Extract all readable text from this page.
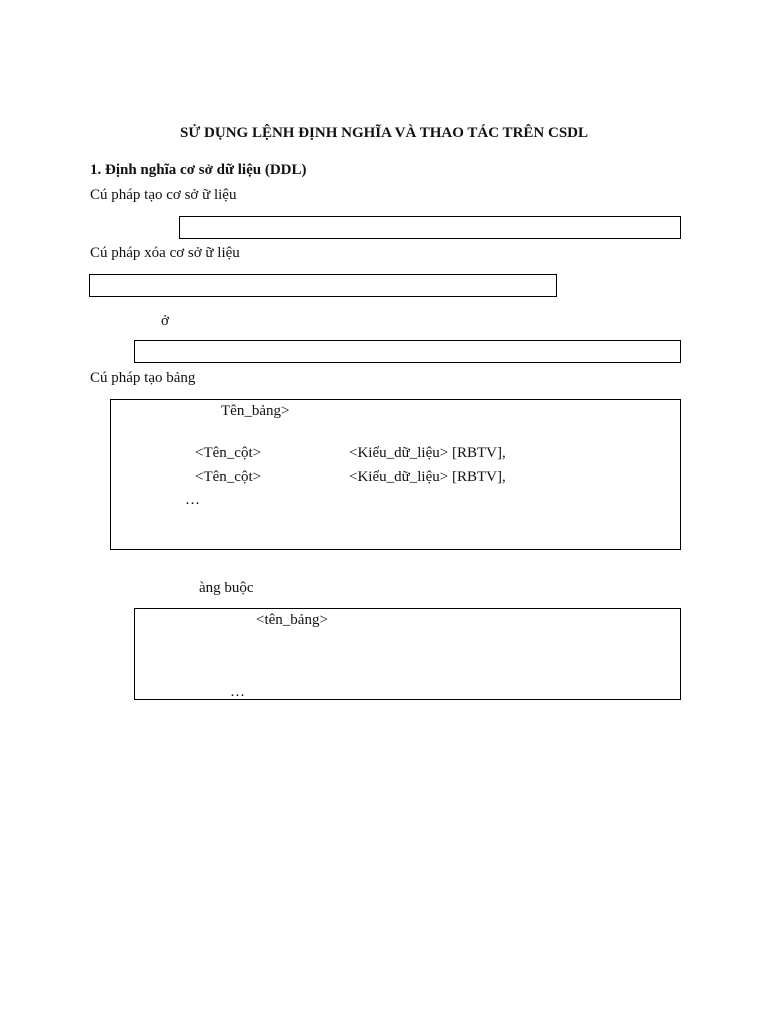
SỬ DỤNG LỆNH ĐỊNH NGHĨA VÀ THAO TÁC TRÊN CSDL
1. Định nghĩa cơ sở dữ liệu (DDL)
Cú pháp tạo cơ sở ữ liệu
Cú pháp xóa cơ sở ữ liệu
ở
Cú pháp tạo bảng
Tên_bảng>
<Tên_cột>	<Kiểu_dữ_liệu> [RBTV],
<Tên_cột>	<Kiểu_dữ_liệu> [RBTV],
…
àng buộc
<tên_bảng>
…
